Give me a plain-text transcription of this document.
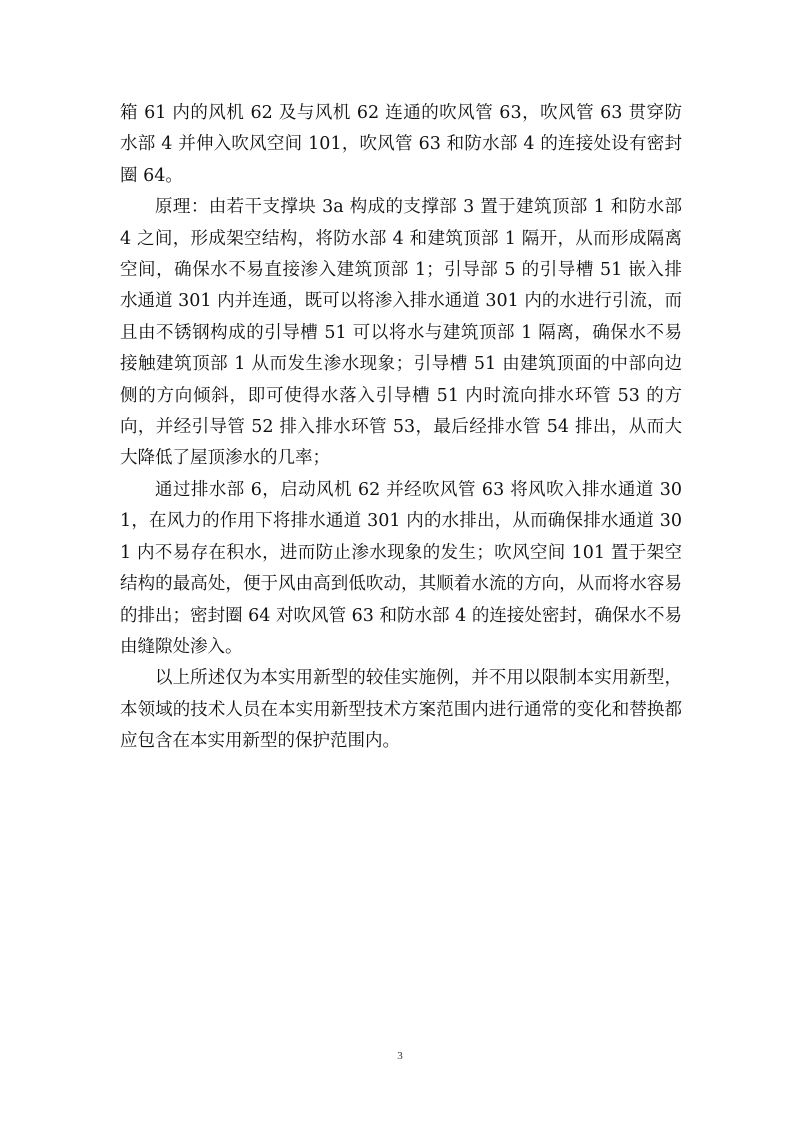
箱 61 内的风机 62 及与风机 62 连通的吹风管 63，吹风管 63 贯穿防水部 4 并伸入吹风空间 101，吹风管 63 和防水部 4 的连接处设有密封圈 64。

原理：由若干支撑块 3a 构成的支撑部 3 置于建筑顶部 1 和防水部 4 之间，形成架空结构，将防水部 4 和建筑顶部 1 隔开，从而形成隔离空间，确保水不易直接渗入建筑顶部 1；引导部 5 的引导槽 51 嵌入排水通道 301 内并连通，既可以将渗入排水通道 301 内的水进行引流，而且由不锈钢构成的引导槽 51 可以将水与建筑顶部 1 隔离，确保水不易接触建筑顶部 1 从而发生渗水现象；引导槽 51 由建筑顶面的中部向边侧的方向倾斜，即可使得水落入引导槽 51 内时流向排水环管 53 的方向，并经引导管 52 排入排水环管 53，最后经排水管 54 排出，从而大大降低了屋顶渗水的几率；

通过排水部 6，启动风机 62 并经吹风管 63 将风吹入排水通道 301，在风力的作用下将排水通道 301 内的水排出，从而确保排水通道 301 内不易存在积水，进而防止渗水现象的发生；吹风空间 101 置于架空结构的最高处，便于风由高到低吹动，其顺着水流的方向，从而将水容易的排出；密封圈 64 对吹风管 63 和防水部 4 的连接处密封，确保水不易由缝隙处渗入。

以上所述仅为本实用新型的较佳实施例，并不用以限制本实用新型，本领域的技术人员在本实用新型技术方案范围内进行通常的变化和替换都应包含在本实用新型的保护范围内。

3
